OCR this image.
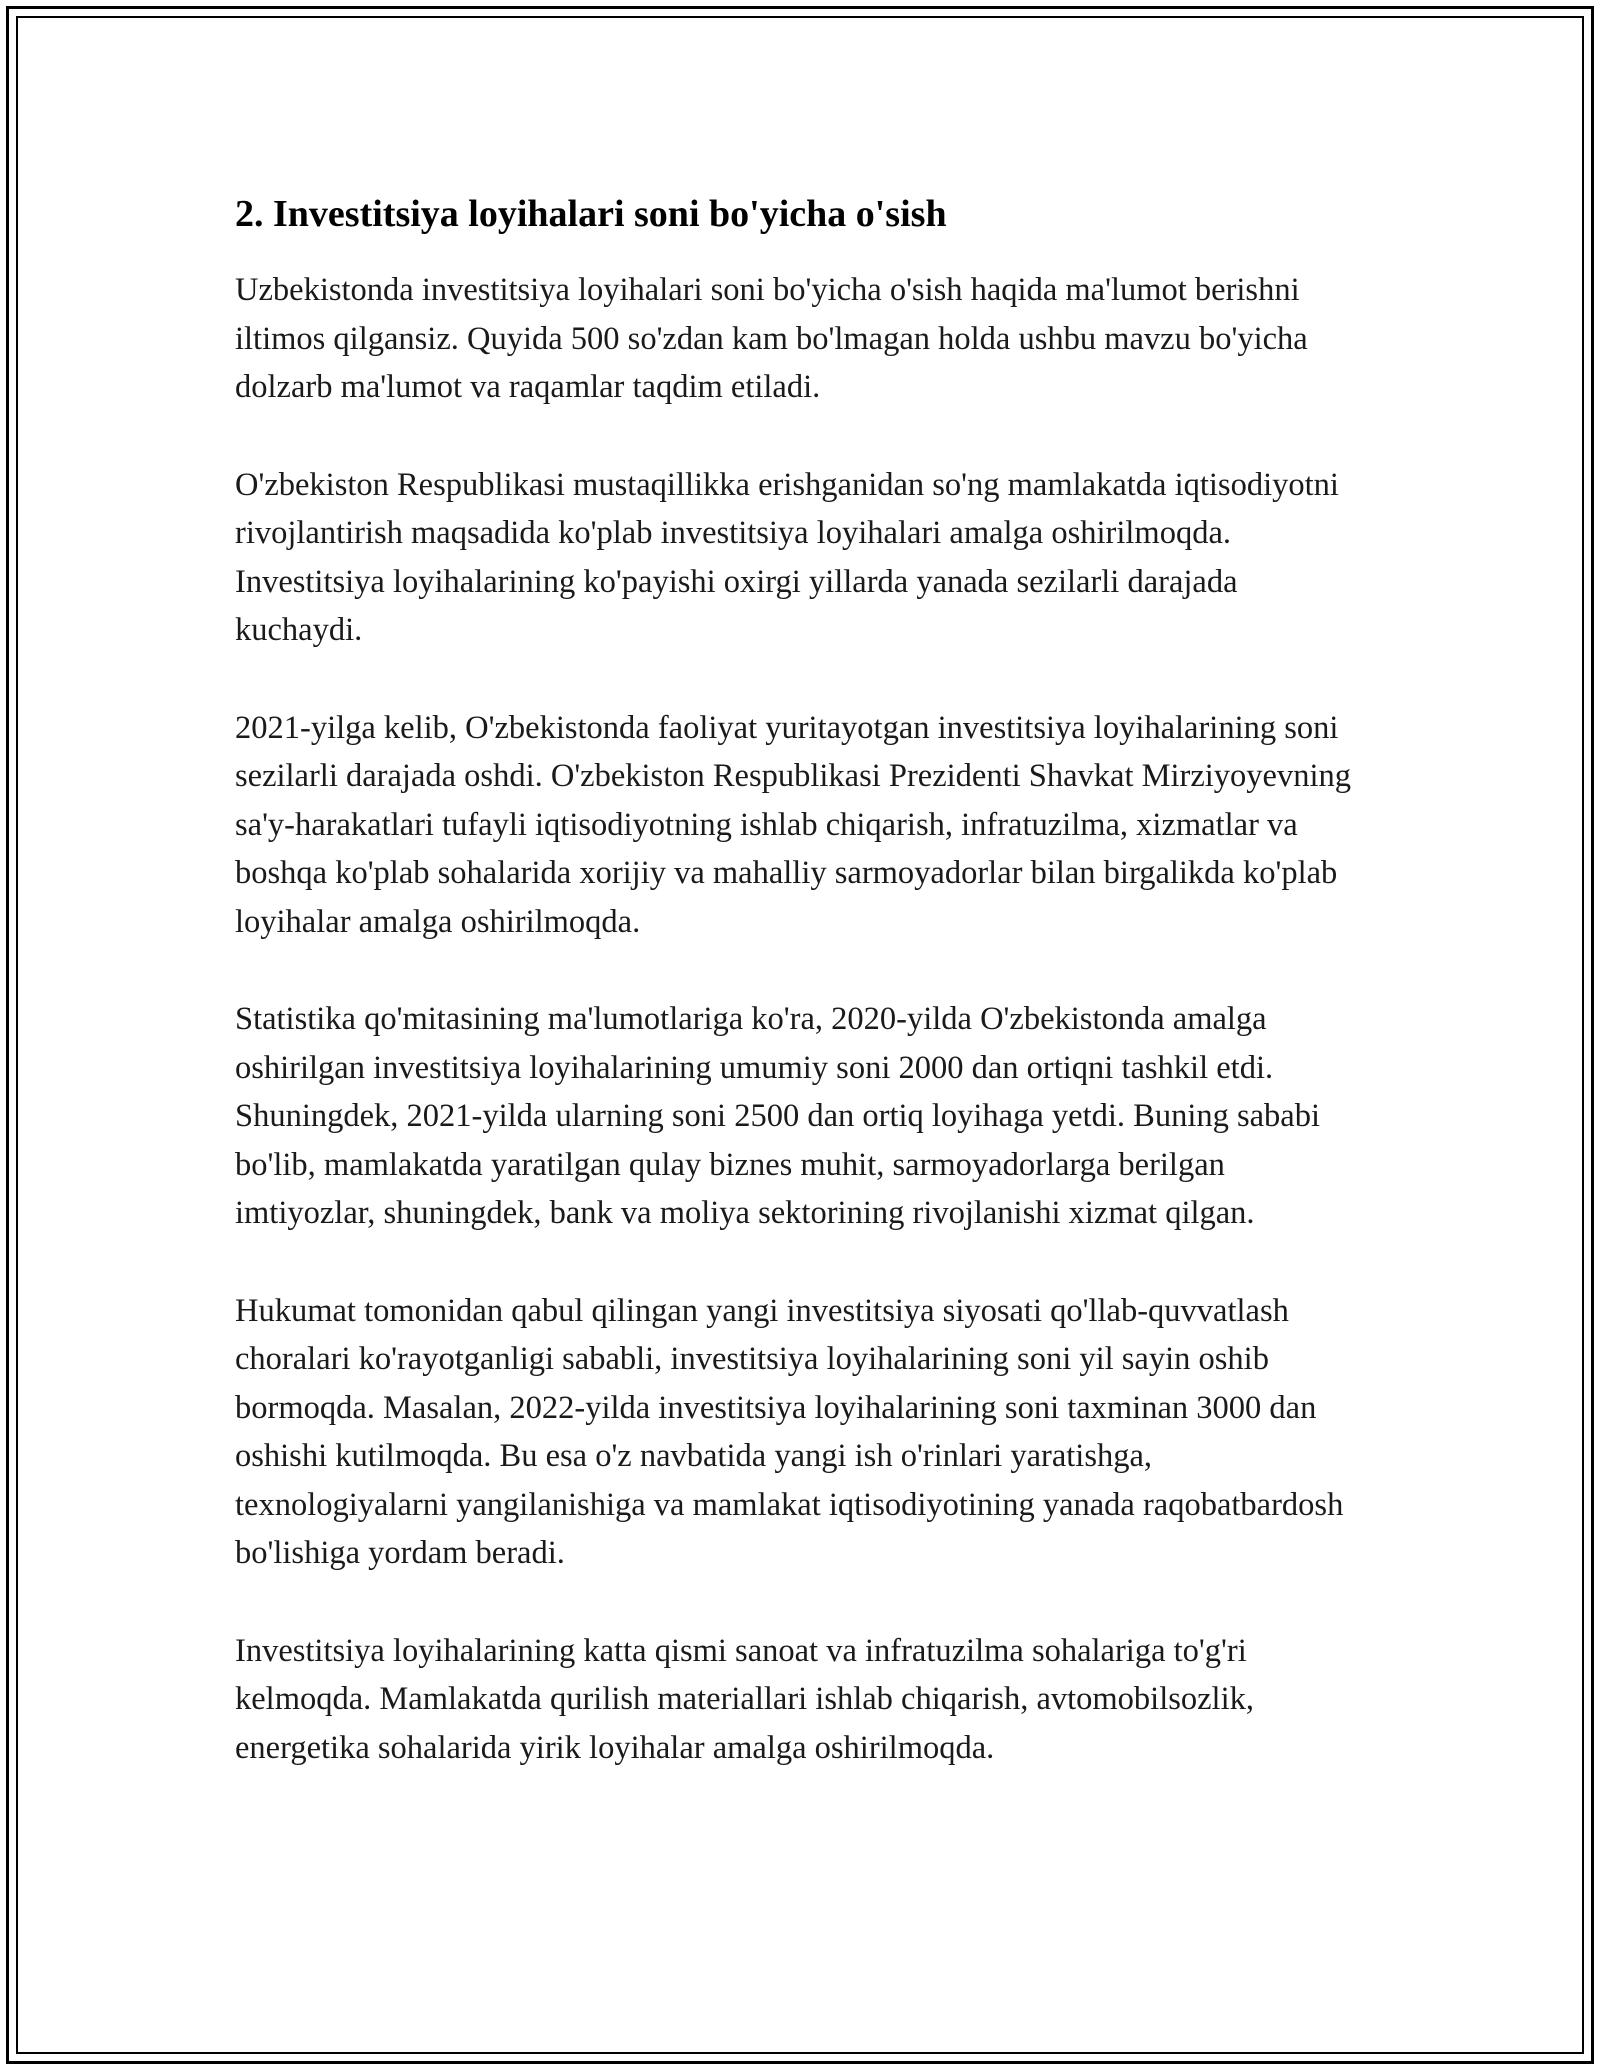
2. Investitsiya loyihalari soni bo'yicha o'sish

Uzbekistonda investitsiya loyihalari soni bo'yicha o'sish haqida ma'lumot berishni iltimos qilgansiz. Quyida 500 so'zdan kam bo'lmagan holda ushbu mavzu bo'yicha dolzarb ma'lumot va raqamlar taqdim etiladi.

O'zbekiston Respublikasi mustaqillikka erishganidan so'ng mamlakatda iqtisodiyotni rivojlantirish maqsadida ko'plab investitsiya loyihalari amalga oshirilmoqda. Investitsiya loyihalarining ko'payishi oxirgi yillarda yanada sezilarli darajada kuchaydi.

2021-yilga kelib, O'zbekistonda faoliyat yuritayotgan investitsiya loyihalarining soni sezilarli darajada oshdi. O'zbekiston Respublikasi Prezidenti Shavkat Mirziyoyevning sa'y-harakatlari tufayli iqtisodiyotning ishlab chiqarish, infratuzilma, xizmatlar va boshqa ko'plab sohalarida xorijiy va mahalliy sarmoyadorlar bilan birgalikda ko'plab loyihalar amalga oshirilmoqda.

Statistika qo'mitasining ma'lumotlariga ko'ra, 2020-yilda O'zbekistonda amalga oshirilgan investitsiya loyihalarining umumiy soni 2000 dan ortiqni tashkil etdi. Shuningdek, 2021-yilda ularning soni 2500 dan ortiq loyihaga yetdi. Buning sababi bo'lib, mamlakatda yaratilgan qulay biznes muhit, sarmoyadorlarga berilgan imtiyozlar, shuningdek, bank va moliya sektorining rivojlanishi xizmat qilgan.

Hukumat tomonidan qabul qilingan yangi investitsiya siyosati qo'llab-quvvatlash choralari ko'rayotganligi sababli, investitsiya loyihalarining soni yil sayin oshib bormoqda. Masalan, 2022-yilda investitsiya loyihalarining soni taxminan 3000 dan oshishi kutilmoqda. Bu esa o'z navbatida yangi ish o'rinlari yaratishga, texnologiyalarni yangilanishiga va mamlakat iqtisodiyotining yanada raqobatbardosh bo'lishiga yordam beradi.

Investitsiya loyihalarining katta qismi sanoat va infratuzilma sohalariga to'g'ri kelmoqda. Mamlakatda qurilish materiallari ishlab chiqarish, avtomobilsozlik, energetika sohalarida yirik loyihalar amalga oshirilmoqda.
